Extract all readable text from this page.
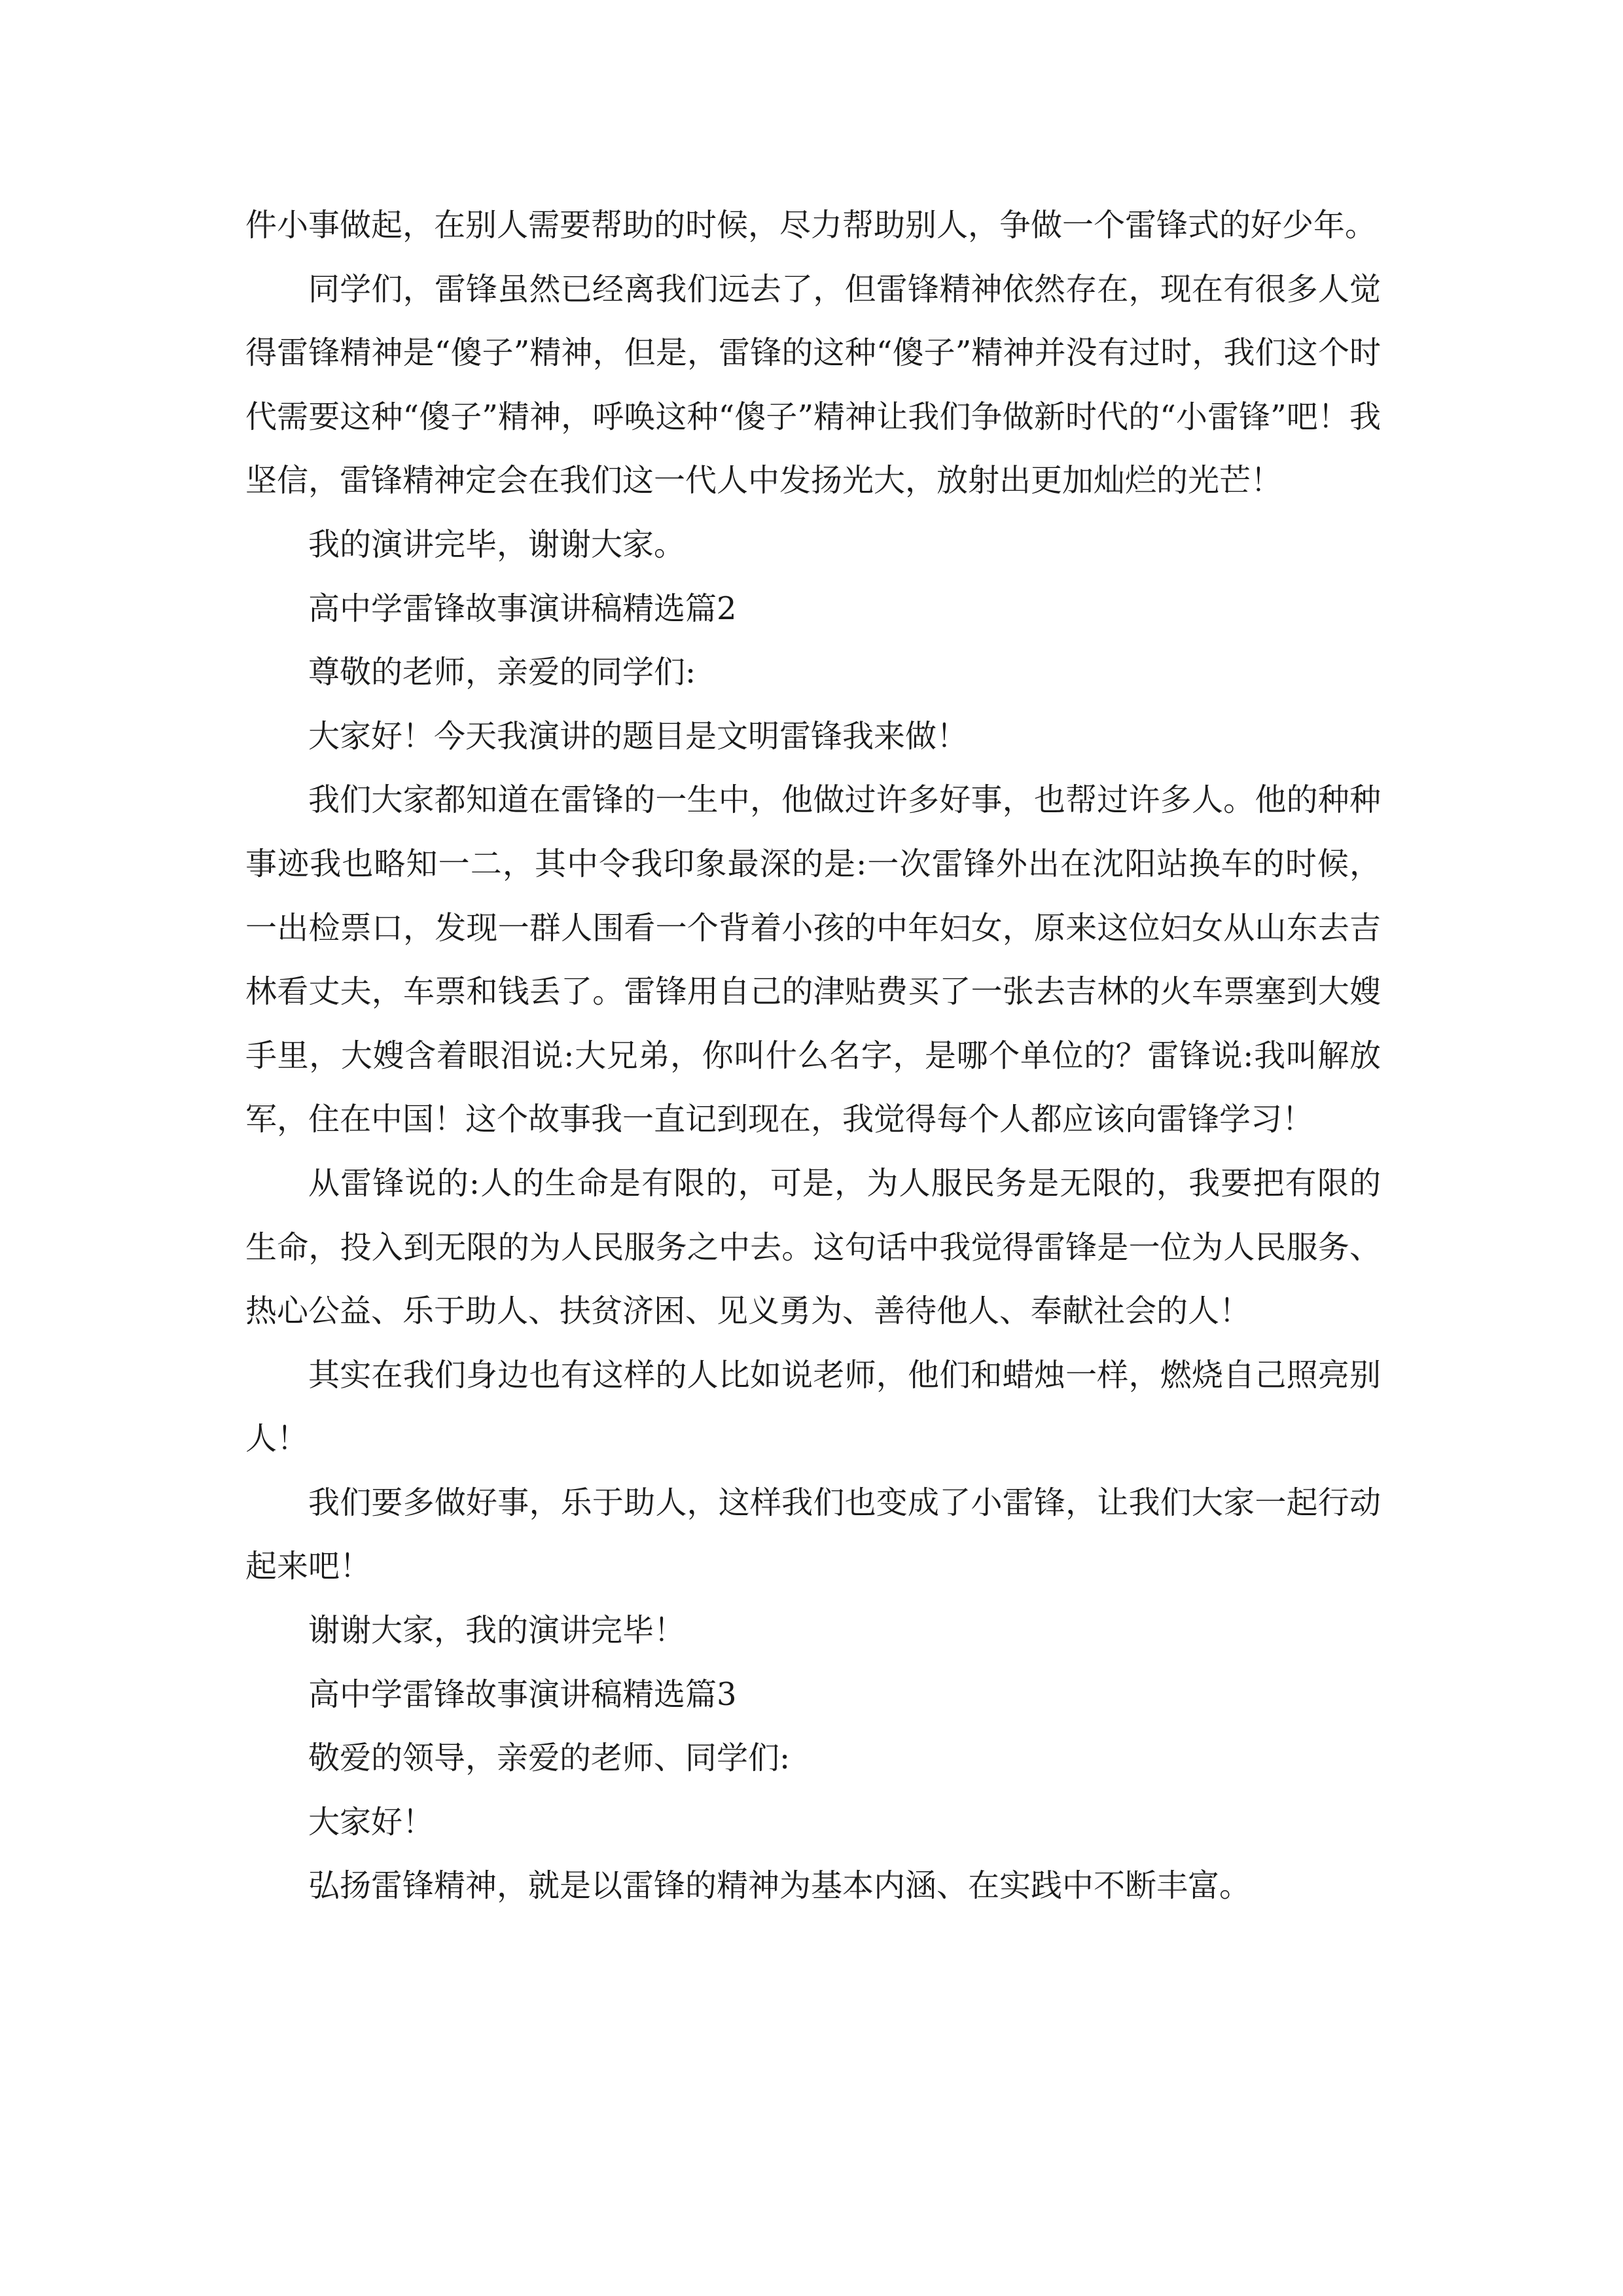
件小事做起，在别人需要帮助的时候，尽力帮助别人，争做一个雷锋式的好少年。

同学们，雷锋虽然已经离我们远去了，但雷锋精神依然存在，现在有很多人觉得雷锋精神是“傻子”精神，但是，雷锋的这种“傻子”精神并没有过时，我们这个时代需要这种“傻子”精神，呼唤这种“傻子”精神让我们争做新时代的“小雷锋”吧！我坚信，雷锋精神定会在我们这一代人中发扬光大，放射出更加灿烂的光芒！

我的演讲完毕，谢谢大家。

高中学雷锋故事演讲稿精选篇2

尊敬的老师，亲爱的同学们:

大家好！今天我演讲的题目是文明雷锋我来做！

我们大家都知道在雷锋的一生中，他做过许多好事，也帮过许多人。他的种种事迹我也略知一二，其中令我印象最深的是:一次雷锋外出在沈阳站换车的时候，一出检票口，发现一群人围看一个背着小孩的中年妇女，原来这位妇女从山东去吉林看丈夫，车票和钱丢了。雷锋用自己的津贴费买了一张去吉林的火车票塞到大嫂手里，大嫂含着眼泪说:大兄弟，你叫什么名字，是哪个单位的？雷锋说:我叫解放军，住在中国！这个故事我一直记到现在，我觉得每个人都应该向雷锋学习！

从雷锋说的:人的生命是有限的，可是，为人服民务是无限的，我要把有限的生命，投入到无限的为人民服务之中去。这句话中我觉得雷锋是一位为人民服务、热心公益、乐于助人、扶贫济困、见义勇为、善待他人、奉献社会的人！

其实在我们身边也有这样的人比如说老师，他们和蜡烛一样，燃烧自己照亮别人！

我们要多做好事，乐于助人，这样我们也变成了小雷锋，让我们大家一起行动起来吧！

谢谢大家，我的演讲完毕！

高中学雷锋故事演讲稿精选篇3

敬爱的领导，亲爱的老师、同学们:

大家好！

弘扬雷锋精神，就是以雷锋的精神为基本内涵、在实践中不断丰富。
